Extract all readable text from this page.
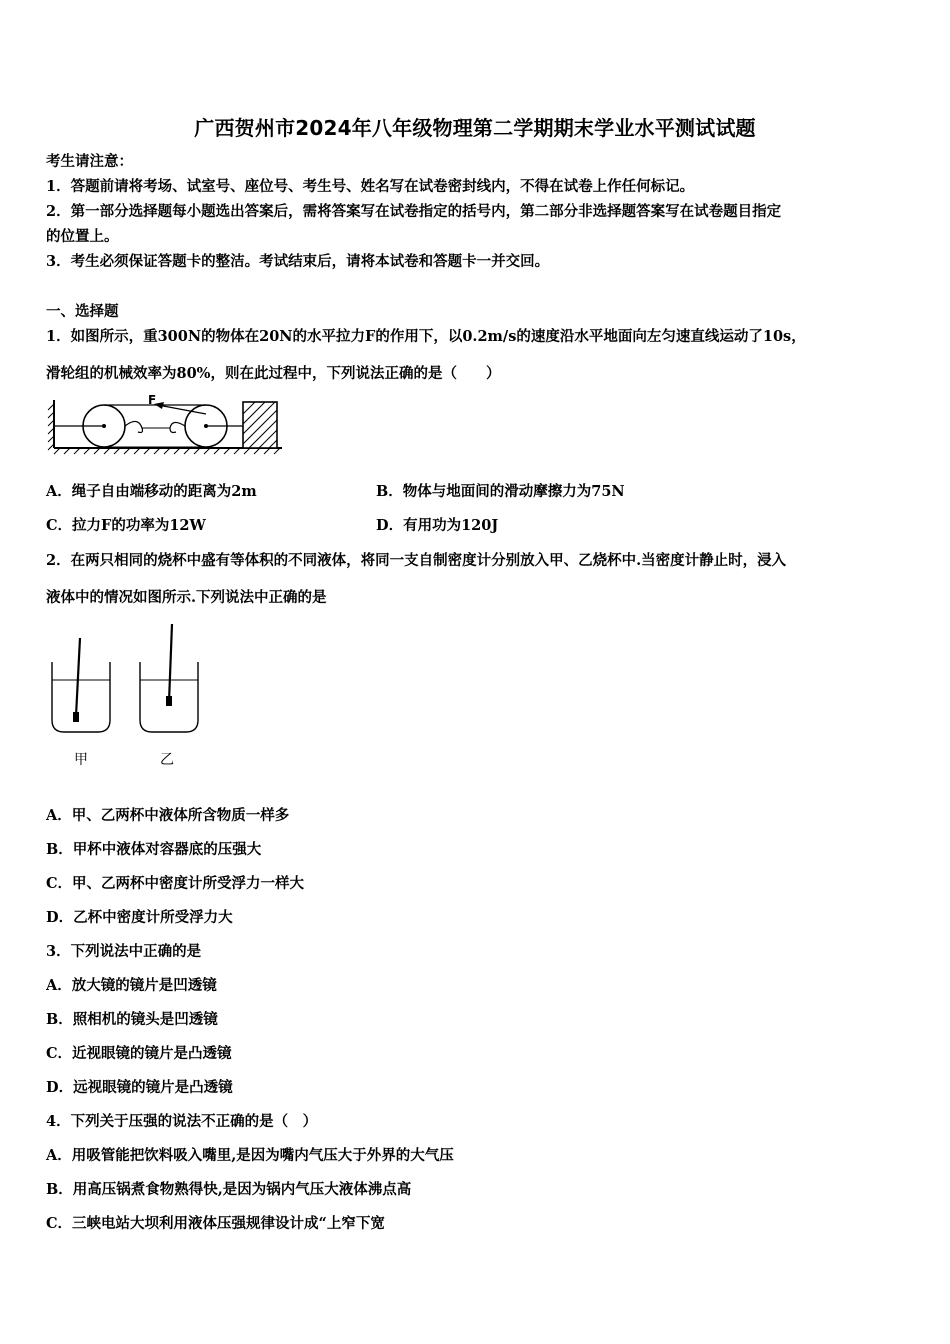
广西贺州市2024年八年级物理第二学期期末学业水平测试试题
考生请注意：
1．答题前请将考场、试室号、座位号、考生号、姓名写在试卷密封线内，不得在试卷上作任何标记。
2．第一部分选择题每小题选出答案后，需将答案写在试卷指定的括号内，第二部分非选择题答案写在试卷题目指定
的位置上。
3．考生必须保证答题卡的整洁。考试结束后，请将本试卷和答题卡一并交回。
一、选择题
1．如图所示，重300N的物体在20N的水平拉力F的作用下，以0.2m/s的速度沿水平地面向左匀速直线运动了10s，
滑轮组的机械效率为80%，则在此过程中，下列说法正确的是（　　）
F
A．绳子自由端移动的距离为2m	B．物体与地面间的滑动摩擦力为75N
C．拉力F的功率为12W	D．有用功为120J
2．在两只相同的烧杯中盛有等体积的不同液体，将同一支自制密度计分别放入甲、乙烧杯中.当密度计静止时，浸入
液体中的情况如图所示.下列说法中正确的是
甲	乙
A．甲、乙两杯中液体所含物质一样多
B．甲杯中液体对容器底的压强大
C．甲、乙两杯中密度计所受浮力一样大
D．乙杯中密度计所受浮力大
3．下列说法中正确的是
A．放大镜的镜片是凹透镜
B．照相机的镜头是凹透镜
C．近视眼镜的镜片是凸透镜
D．远视眼镜的镜片是凸透镜
4．下列关于压强的说法不正确的是（　）
A．用吸管能把饮料吸入嘴里,是因为嘴内气压大于外界的大气压
B．用高压锅煮食物熟得快,是因为锅内气压大液体沸点高
C．三峡电站大坝利用液体压强规律设计成“上窄下宽
